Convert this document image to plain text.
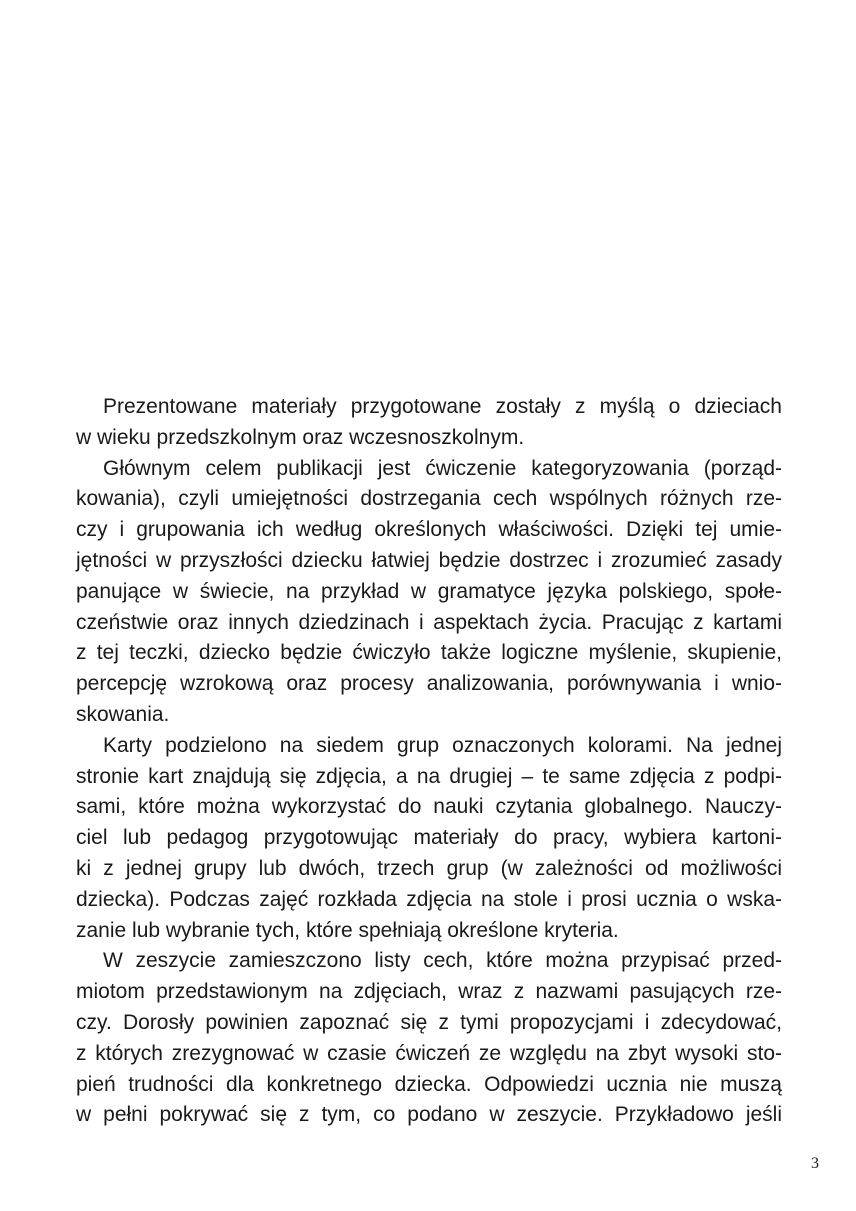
Prezentowane materiały przygotowane zostały z myślą o dzieciach
w wieku przedszkolnym oraz wczesnoszkolnym.
Głównym celem publikacji jest ćwiczenie kategoryzowania (porząd-
kowania), czyli umiejętności dostrzegania cech wspólnych różnych rze-
czy i grupowania ich według określonych właściwości. Dzięki tej umie-
jętności w przyszłości dziecku łatwiej będzie dostrzec i zrozumieć zasady
panujące w świecie, na przykład w gramatyce języka polskiego, społe-
czeństwie oraz innych dziedzinach i aspektach życia. Pracując z kartami
z tej teczki, dziecko będzie ćwiczyło także logiczne myślenie, skupienie,
percepcję wzrokową oraz procesy analizowania, porównywania i wnio-
skowania.
Karty podzielono na siedem grup oznaczonych kolorami. Na jednej
stronie kart znajdują się zdjęcia, a na drugiej – te same zdjęcia z podpi-
sami, które można wykorzystać do nauki czytania globalnego. Nauczy-
ciel lub pedagog przygotowując materiały do pracy, wybiera kartoni-
ki z jednej grupy lub dwóch, trzech grup (w zależności od możliwości
dziecka). Podczas zajęć rozkłada zdjęcia na stole i prosi ucznia o wska-
zanie lub wybranie tych, które spełniają określone kryteria.
W zeszycie zamieszczono listy cech, które można przypisać przed-
miotom przedstawionym na zdjęciach, wraz z nazwami pasujących rze-
czy. Dorosły powinien zapoznać się z tymi propozycjami i zdecydować,
z których zrezygnować w czasie ćwiczeń ze względu na zbyt wysoki sto-
pień trudności dla konkretnego dziecka. Odpowiedzi ucznia nie muszą
w pełni pokrywać się z tym, co podano w zeszycie. Przykładowo jeśli
3
